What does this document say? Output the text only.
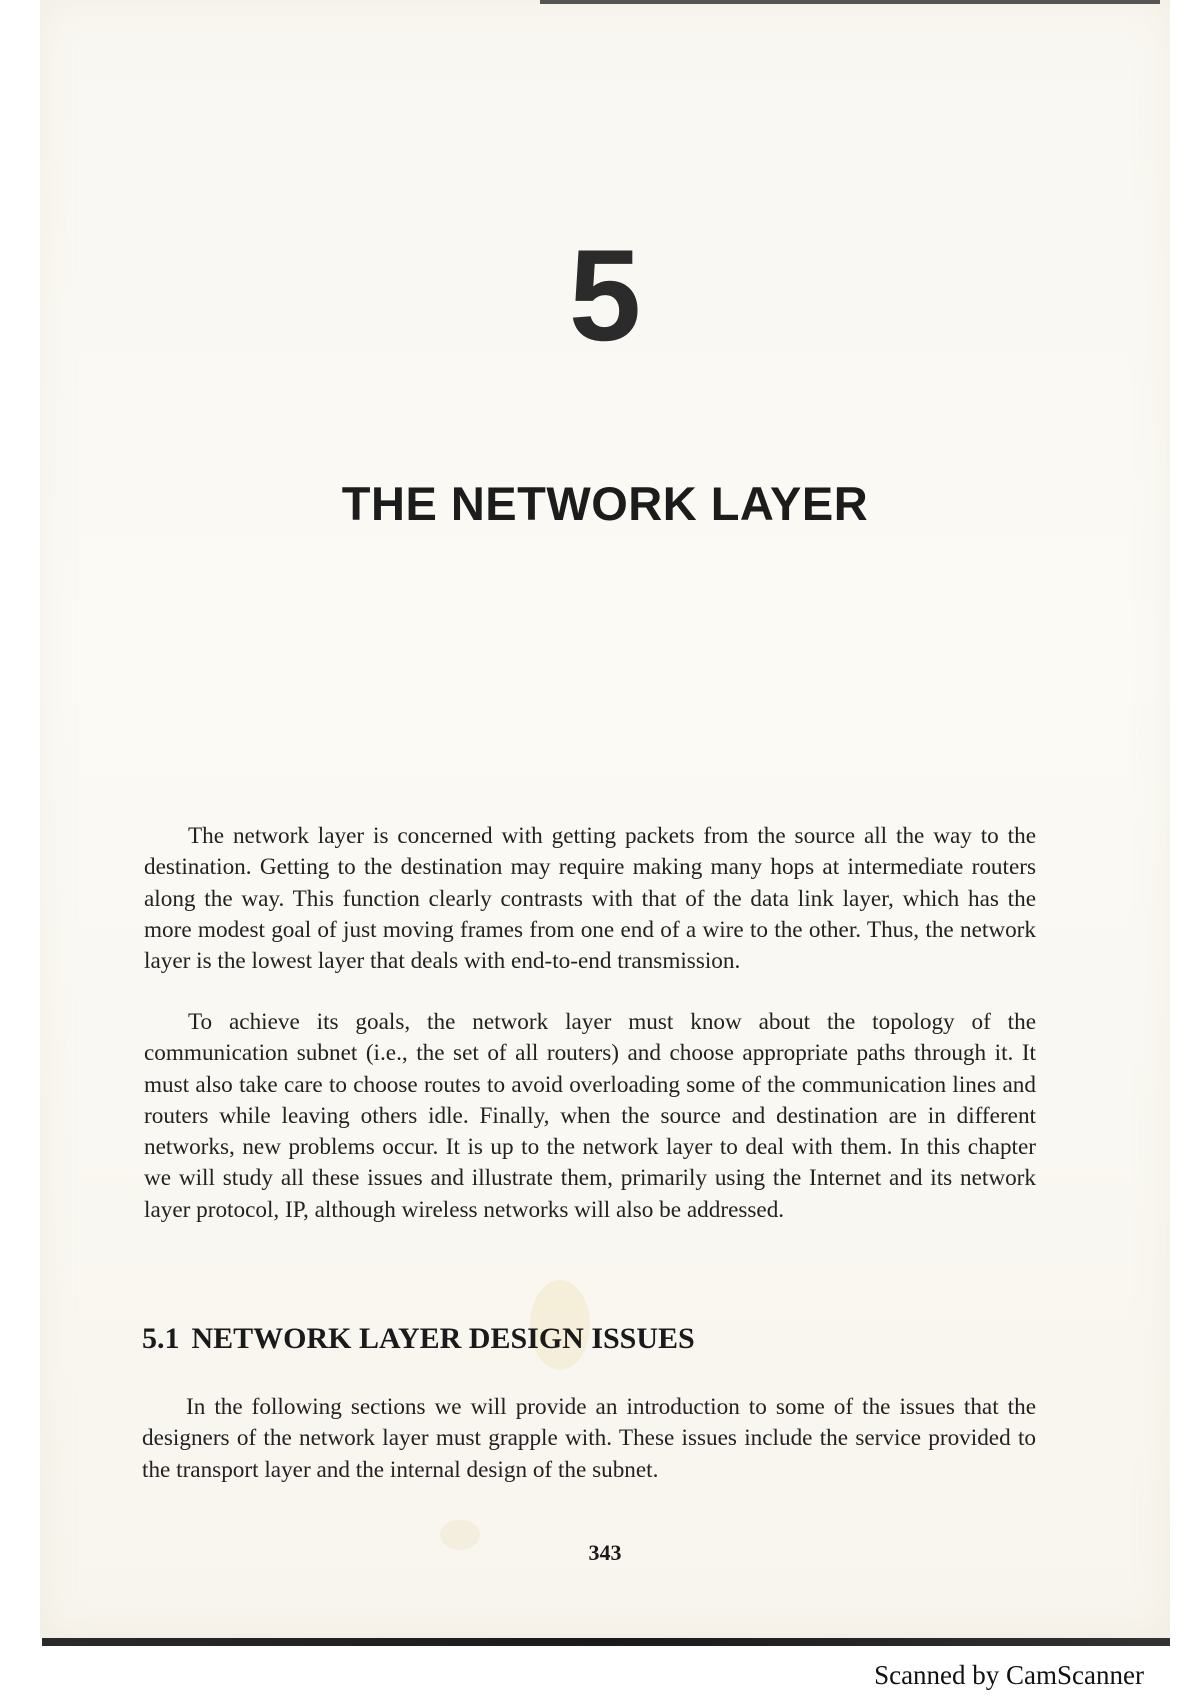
5
THE NETWORK LAYER

The network layer is concerned with getting packets from the source all the way to the destination. Getting to the destination may require making many hops at intermediate routers along the way. This function clearly contrasts with that of the data link layer, which has the more modest goal of just moving frames from one end of a wire to the other. Thus, the network layer is the lowest layer that deals with end-to-end transmission.

To achieve its goals, the network layer must know about the topology of the communication subnet (i.e., the set of all routers) and choose appropriate paths through it. It must also take care to choose routes to avoid overloading some of the communication lines and routers while leaving others idle. Finally, when the source and destination are in different networks, new problems occur. It is up to the network layer to deal with them. In this chapter we will study all these issues and illustrate them, primarily using the Internet and its network layer protocol, IP, although wireless networks will also be addressed.

5.1 NETWORK LAYER DESIGN ISSUES

In the following sections we will provide an introduction to some of the issues that the designers of the network layer must grapple with. These issues include the service provided to the transport layer and the internal design of the subnet.

343
Scanned by CamScanner
